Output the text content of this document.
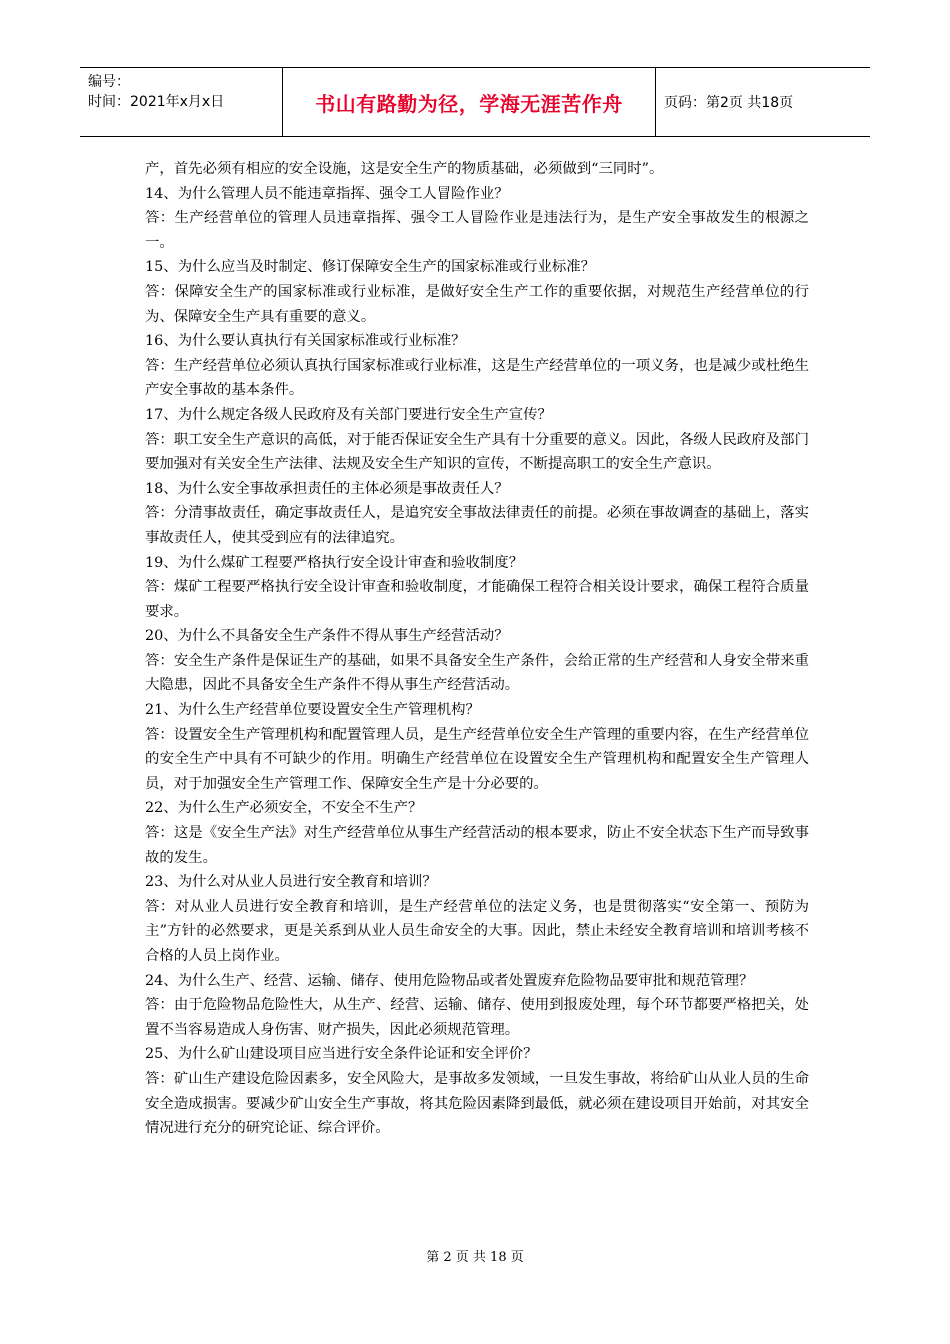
编号：
时间：2021年x月x日	书山有路勤为径，学海无涯苦作舟	页码：第2页 共18页

产，首先必须有相应的安全设施，这是安全生产的物质基础，必须做到“三同时”。

14、为什么管理人员不能违章指挥、强令工人冒险作业？

答：生产经营单位的管理人员违章指挥、强令工人冒险作业是违法行为，是生产安全事故发生的根源之一。

15、为什么应当及时制定、修订保障安全生产的国家标准或行业标准？

答：保障安全生产的国家标准或行业标准，是做好安全生产工作的重要依据，对规范生产经营单位的行为、保障安全生产具有重要的意义。

16、为什么要认真执行有关国家标准或行业标准？

答：生产经营单位必须认真执行国家标准或行业标准，这是生产经营单位的一项义务，也是减少或杜绝生产安全事故的基本条件。

17、为什么规定各级人民政府及有关部门要进行安全生产宣传？

答：职工安全生产意识的高低，对于能否保证安全生产具有十分重要的意义。因此，各级人民政府及部门要加强对有关安全生产法律、法规及安全生产知识的宣传，不断提高职工的安全生产意识。

18、为什么安全事故承担责任的主体必须是事故责任人？

答：分清事故责任，确定事故责任人，是追究安全事故法律责任的前提。必须在事故调查的基础上，落实事故责任人，使其受到应有的法律追究。

19、为什么煤矿工程要严格执行安全设计审查和验收制度？

答：煤矿工程要严格执行安全设计审查和验收制度，才能确保工程符合相关设计要求，确保工程符合质量要求。

20、为什么不具备安全生产条件不得从事生产经营活动？

答：安全生产条件是保证生产的基础，如果不具备安全生产条件，会给正常的生产经营和人身安全带来重大隐患，因此不具备安全生产条件不得从事生产经营活动。

21、为什么生产经营单位要设置安全生产管理机构？

答：设置安全生产管理机构和配置管理人员，是生产经营单位安全生产管理的重要内容，在生产经营单位的安全生产中具有不可缺少的作用。明确生产经营单位在设置安全生产管理机构和配置安全生产管理人员，对于加强安全生产管理工作、保障安全生产是十分必要的。

22、为什么生产必须安全，不安全不生产？

答：这是《安全生产法》对生产经营单位从事生产经营活动的根本要求，防止不安全状态下生产而导致事故的发生。

23、为什么对从业人员进行安全教育和培训？

答：对从业人员进行安全教育和培训，是生产经营单位的法定义务，也是贯彻落实“安全第一、预防为主”方针的必然要求，更是关系到从业人员生命安全的大事。因此，禁止未经安全教育培训和培训考核不合格的人员上岗作业。

24、为什么生产、经营、运输、储存、使用危险物品或者处置废弃危险物品要审批和规范管理？

答：由于危险物品危险性大，从生产、经营、运输、储存、使用到报废处理，每个环节都要严格把关，处置不当容易造成人身伤害、财产损失，因此必须规范管理。

25、为什么矿山建设项目应当进行安全条件论证和安全评价？

答：矿山生产建设危险因素多，安全风险大，是事故多发领域，一旦发生事故，将给矿山从业人员的生命安全造成损害。要减少矿山安全生产事故，将其危险因素降到最低，就必须在建设项目开始前，对其安全情况进行充分的研究论证、综合评价。

第 2 页 共 18 页
